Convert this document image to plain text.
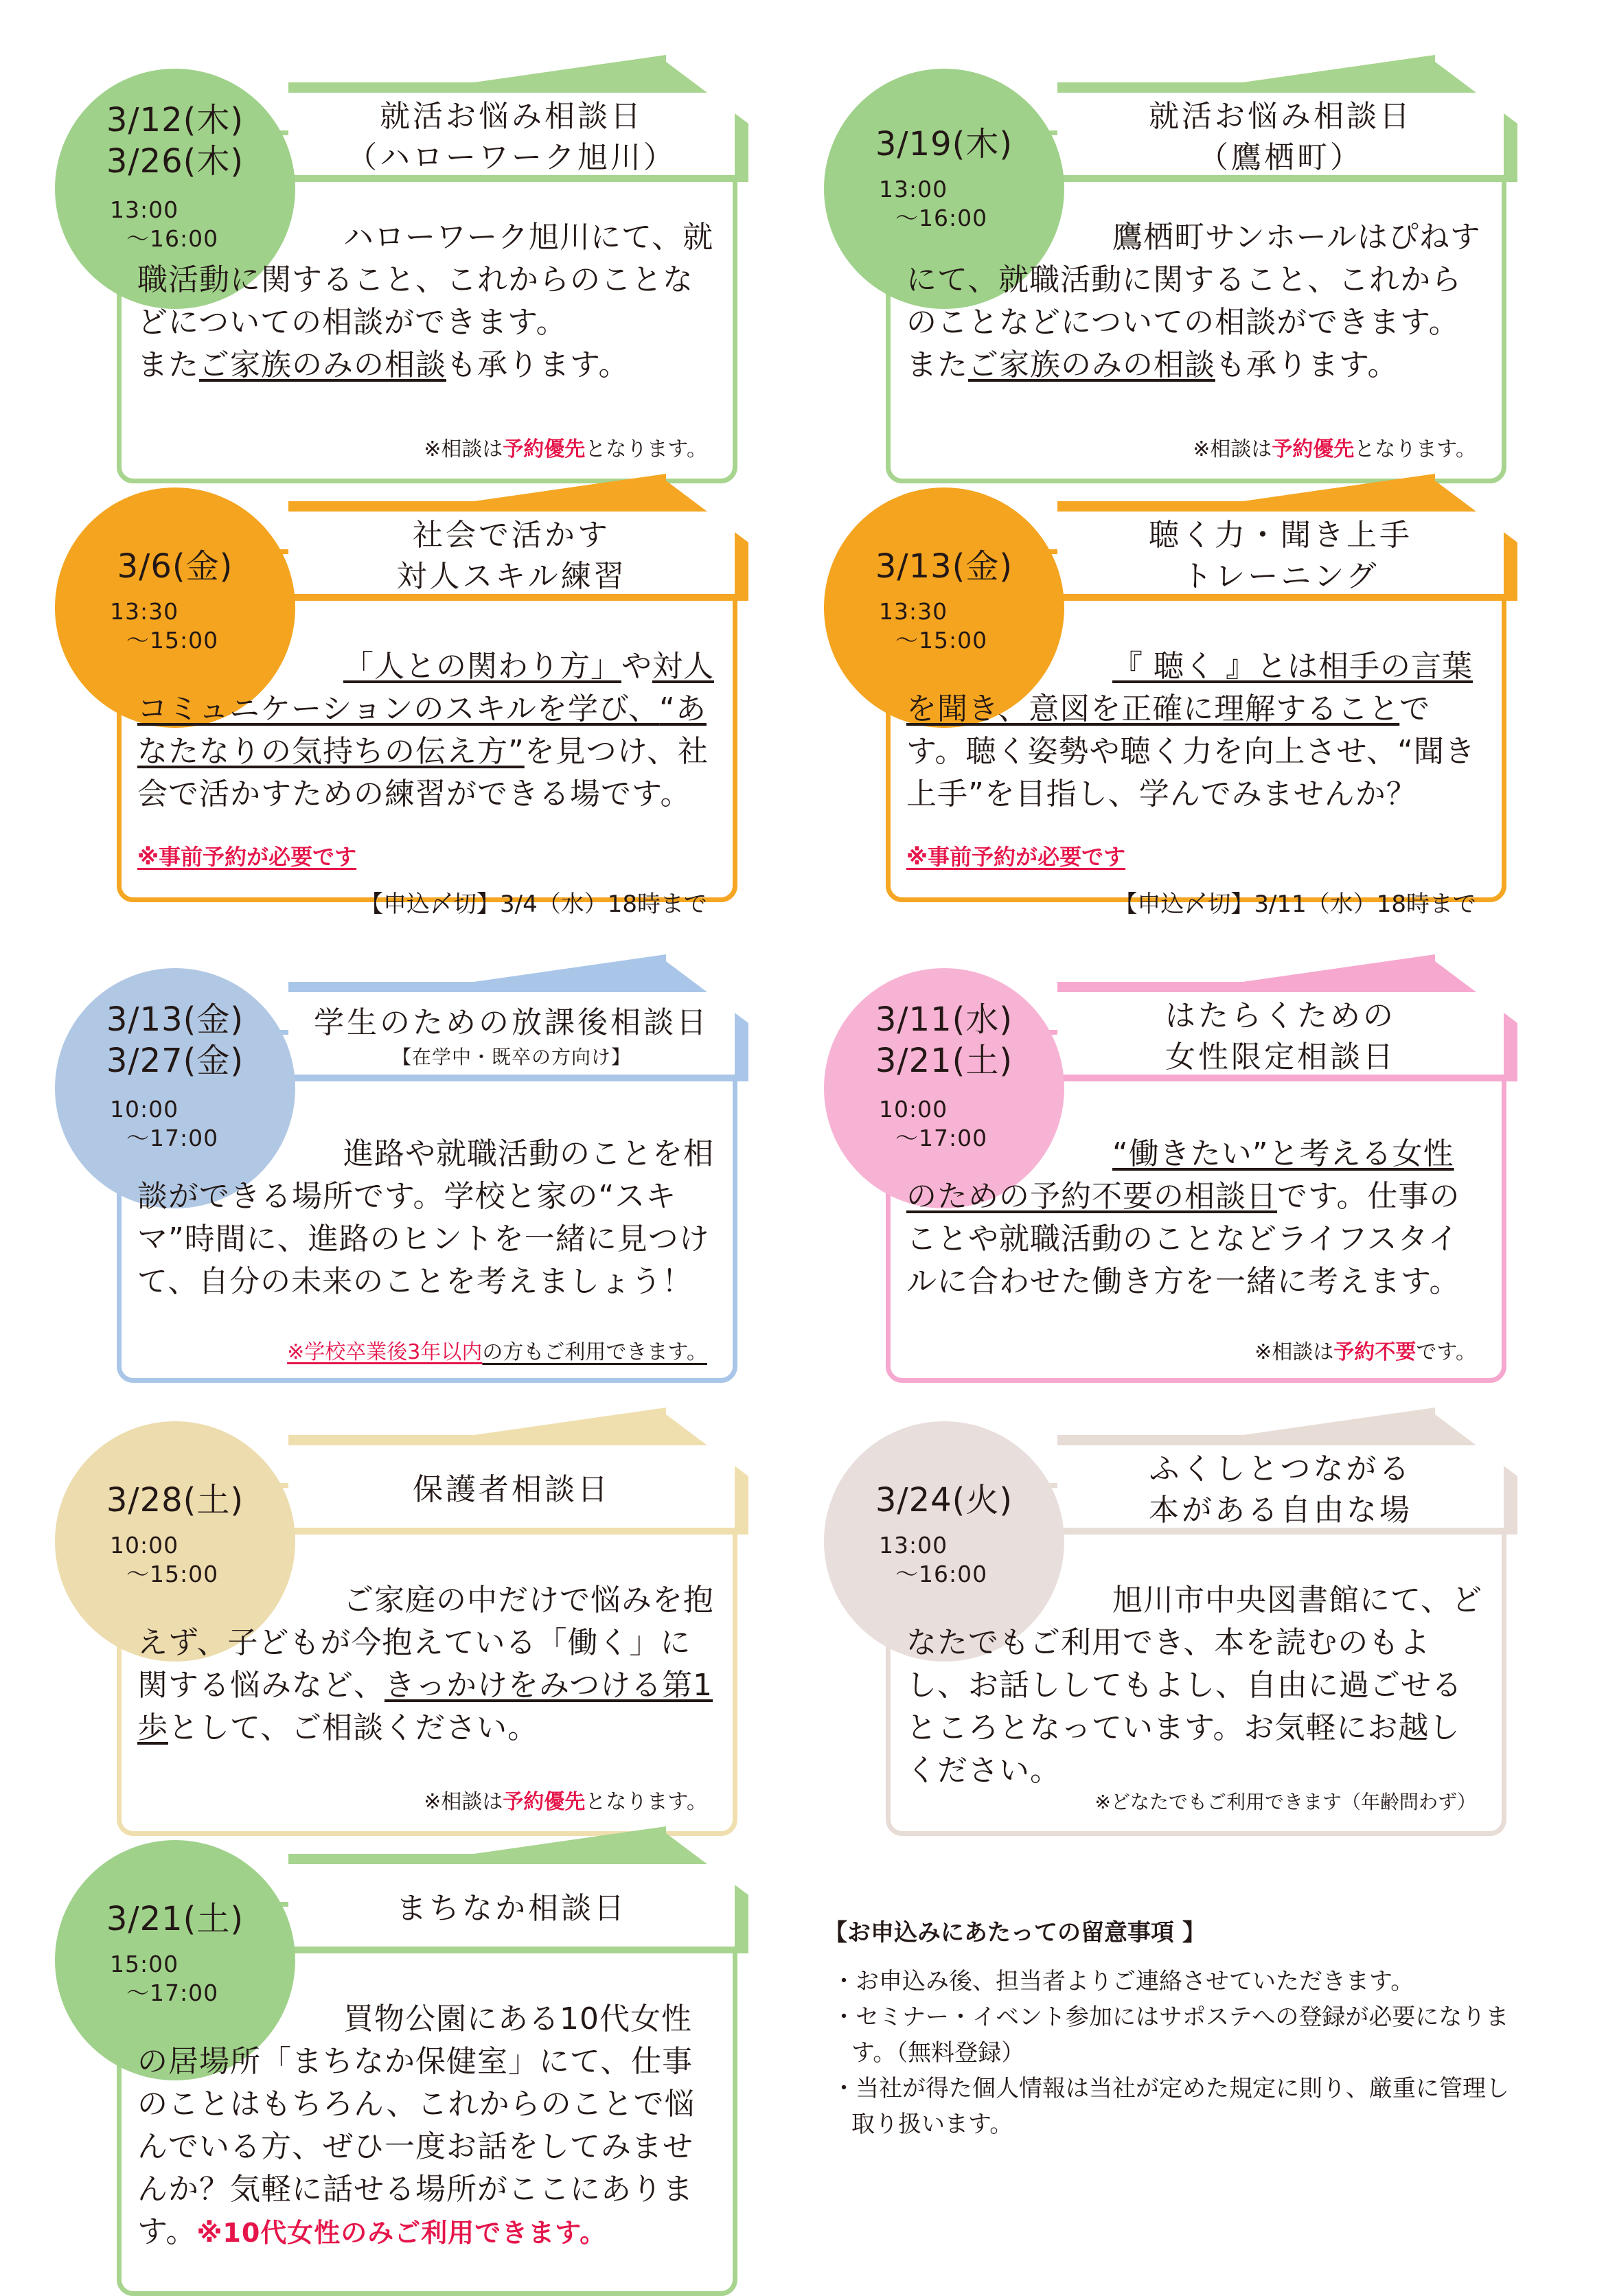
就活お悩み相談日
（ハローワーク旭川）
3/12(木)
3/26(木)
13:00
～16:00	ハローワーク旭川にて、就職活動に関すること、これからのことなどについての相談ができます。
またご家族のみの相談も承ります。
※相談は予約優先となります。
就活お悩み相談日
（鷹栖町）
3/19(木)
13:00
～16:00
鷹栖町サンホールはぴねすにて、就職活動に関すること、これからのことなどについての相談ができます。
またご家族のみの相談も承ります。
※相談は予約優先となります。
社会で活かす
対人スキル練習
3/6(金)
13:30
～15:00
「人との関わり方」や対人コミュニケーションのスキルを学び、“あなたなりの気持ちの伝え方”を見つけ、社会で活かすための練習ができる場です。
※事前予約が必要です
【申込〆切】3/4（水）18時まで
聴く力・聞き上手
トレーニング
3/13(金)
13:30
～15:00
『 聴く 』とは相手の言葉を聞き、意図を正確に理解することです。聴く姿勢や聴く力を向上させ、“聞き上手”を目指し、学んでみませんか？
※事前予約が必要です
【申込〆切】3/11（水）18時まで
学生のための放課後相談日
【在学中・既卒の方向け】
3/13(金)
3/27(金)
10:00
～17:00	進路や就職活動のことを相談ができる場所です。学校と家の“スキマ”時間に、進路のヒントを一緒に見つけて、自分の未来のことを考えましょう！
※学校卒業後3年以内の方もご利用できます。
はたらくための
女性限定相談日
3/11(水)
3/21(土)
10:00
～17:00	“働きたい”と考える女性のための予約不要の相談日です。仕事のことや就職活動のことなどライフスタイルに合わせた働き方を一緒に考えます。
※相談は予約不要です。
保護者相談日
3/28(土)
10:00
～15:00
ご家庭の中だけで悩みを抱えず、子どもが今抱えている「働く」に関する悩みなど、きっかけをみつける第1歩として、ご相談ください。
※相談は予約優先となります。
ふくしとつながる
本がある自由な場
3/24(火)
13:00
～16:00
旭川市中央図書館にて、どなたでもご利用でき、本を読むのもよし、お話ししてもよし、自由に過ごせるところとなっています。お気軽にお越しください。
※どなたでもご利用できます（年齢問わず）
まちなか相談日
3/21(土)
15:00
～17:00
買物公園にある10代女性の居場所「まちなか保健室」にて、仕事のことはもちろん、これからのことで悩んでいる方、ぜひ一度お話をしてみませんか？気軽に話せる場所がここにあります。※10代女性のみご利用できます。
【お申込みにあたっての留意事項 】
・ お申込み後、担当者よりご連絡させていただきます。
・ セミナー・イベント参加にはサポステへの登録が必要になります。（無料登録）
・ 当社が得た個人情報は当社が定めた規定に則り、厳重に管理し取り扱います。
